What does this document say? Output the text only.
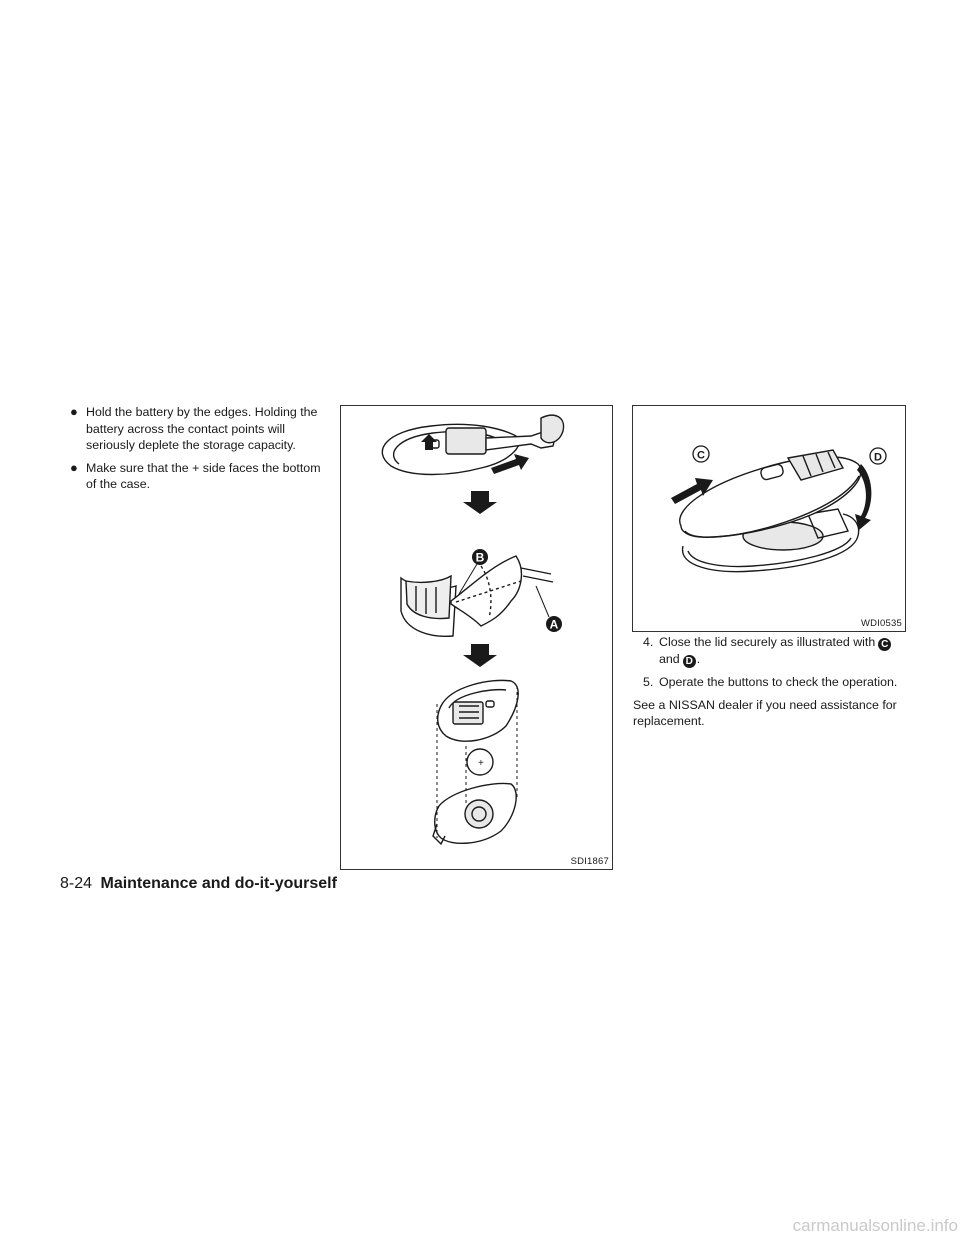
● Hold the battery by the edges. Holding the battery across the contact points will seriously deplete the storage capacity.
● Make sure that the + side faces the bottom of the case.
B
A
+
SDI1867
C	D
WDI0535
4. Close the lid securely as illustrated with C
and D .
5. Operate the buttons to check the operation.
See a NISSAN dealer if you need assistance for replacement.
8-24 Maintenance and do-it-yourself
carmanualsonline.info
